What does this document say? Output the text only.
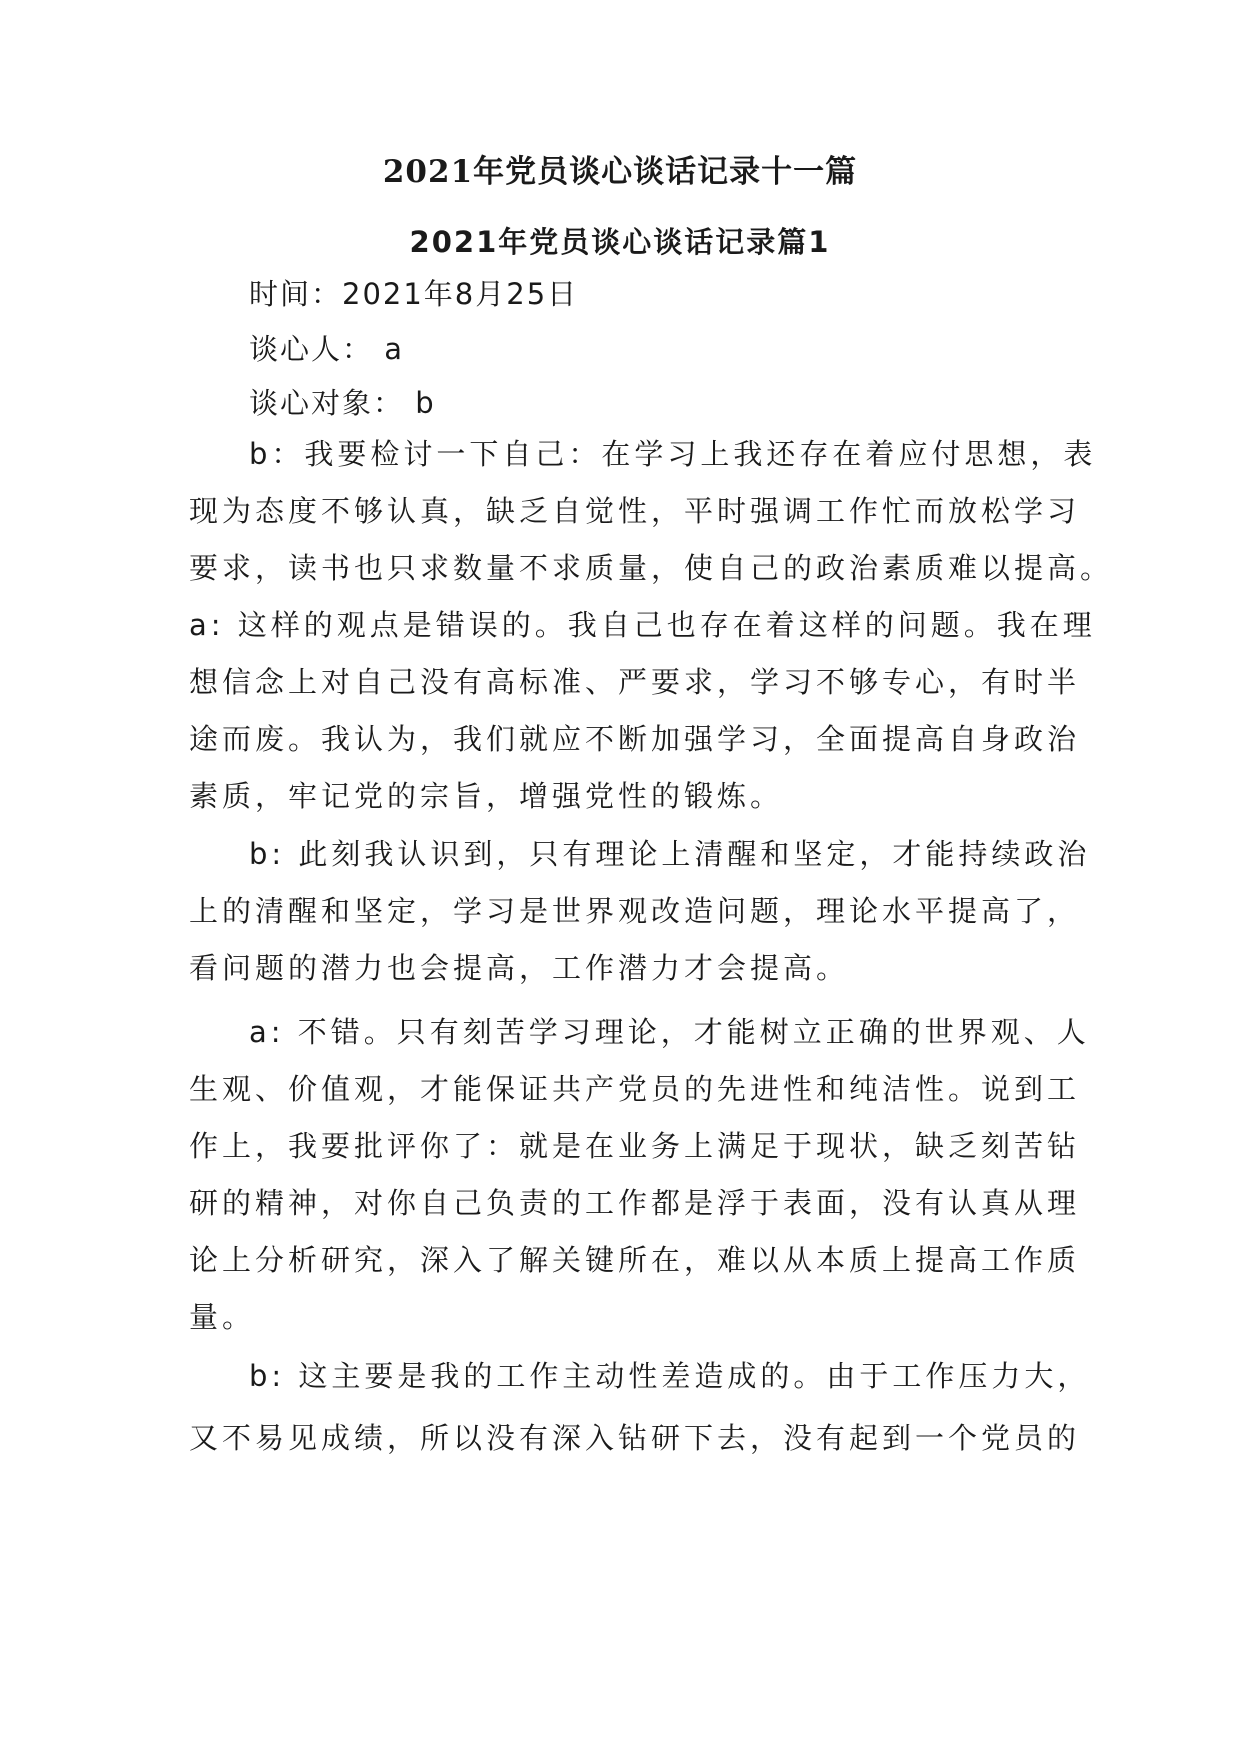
2021年党员谈心谈话记录十一篇
2021年党员谈心谈话记录篇1

时间：2021年8月25日

谈心人： a

谈心对象： b

b：我要检讨一下自己：在学习上我还存在着应付思想，表
现为态度不够认真，缺乏自觉性，平时强调工作忙而放松学习
要求，读书也只求数量不求质量，使自己的政治素质难以提高。
a: 这样的观点是错误的。我自己也存在着这样的问题。我在理
想信念上对自己没有高标准、严要求，学习不够专心，有时半
途而废。我认为，我们就应不断加强学习，全面提高自身政治
素质，牢记党的宗旨，增强党性的锻炼。
b: 此刻我认识到，只有理论上清醒和坚定，才能持续政治
上的清醒和坚定，学习是世界观改造问题，理论水平提高了，
看问题的潜力也会提高，工作潜力才会提高。
a: 不错。只有刻苦学习理论，才能树立正确的世界观、人
生观、价值观，才能保证共产党员的先进性和纯洁性。说到工
作上，我要批评你了：就是在业务上满足于现状，缺乏刻苦钻
研的精神，对你自己负责的工作都是浮于表面，没有认真从理
论上分析研究，深入了解关键所在，难以从本质上提高工作质
量。
b: 这主要是我的工作主动性差造成的。由于工作压力大，
又不易见成绩，所以没有深入钻研下去，没有起到一个党员的
